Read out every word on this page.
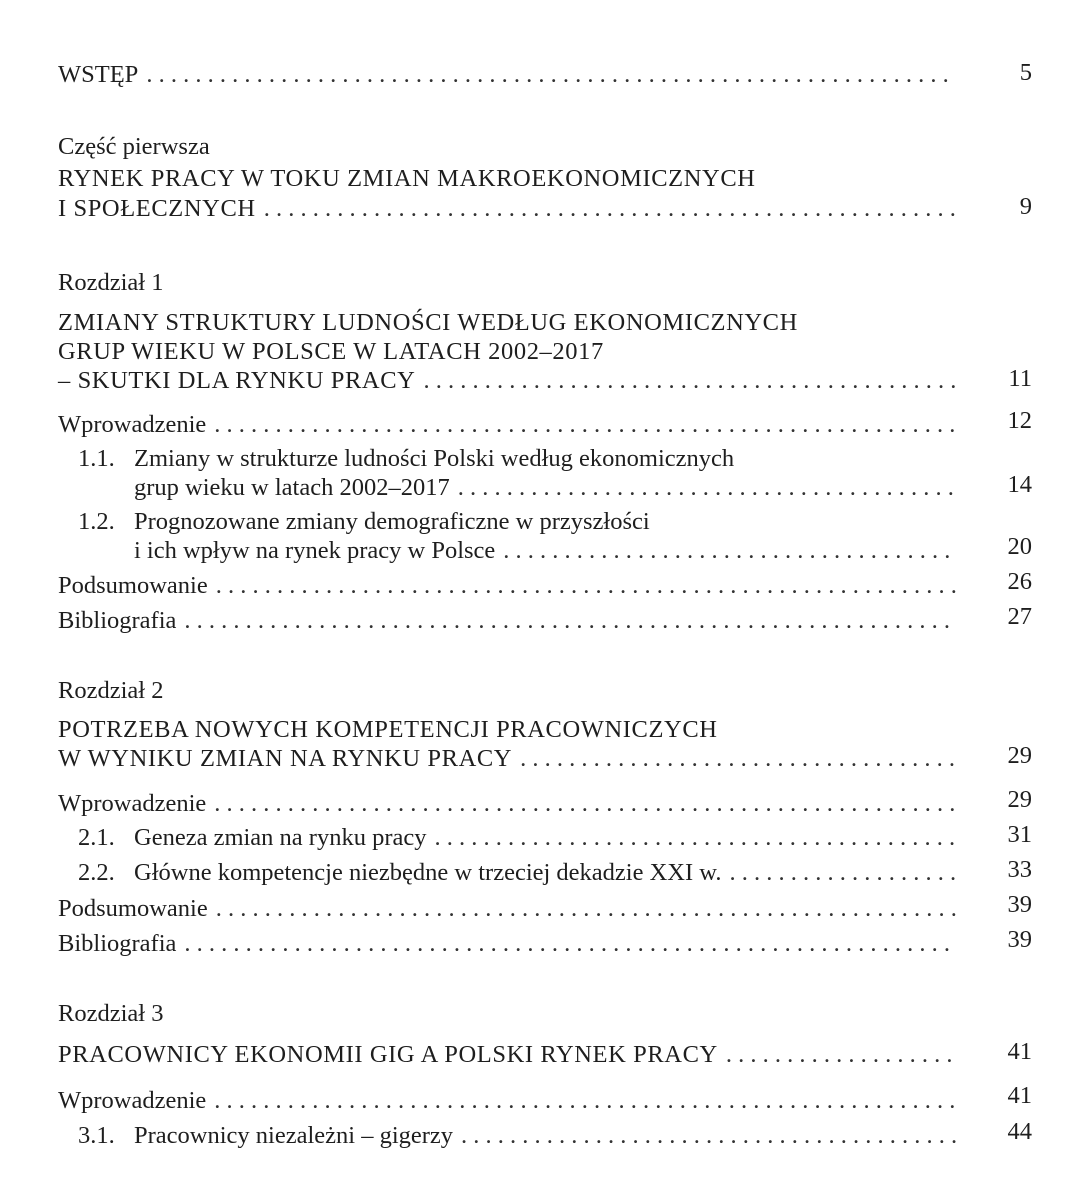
WSTĘP . . .	5
Część pierwsza
RYNEK PRACY W TOKU ZMIAN MAKROEKONOMICZNYCH
I SPOŁECZNYCH . . .	9
Rozdział 1
ZMIANY STRUKTURY LUDNOŚCI WEDŁUG EKONOMICZNYCH
GRUP WIEKU W POLSCE W LATACH 2002–2017
– SKUTKI DLA RYNKU PRACY . . .	11
Wprowadzenie . . .	12
1.1. Zmiany w strukturze ludności Polski według ekonomicznych
grup wieku w latach 2002–2017 . . .	14
1.2. Prognozowane zmiany demograficzne w przyszłości
i ich wpływ na rynek pracy w Polsce . . .	20
Podsumowanie . . .	26
Bibliografia . . .	27
Rozdział 2
POTRZEBA NOWYCH KOMPETENCJI PRACOWNICZYCH
W WYNIKU ZMIAN NA RYNKU PRACY . . .	29
Wprowadzenie . . .	29
2.1. Geneza zmian na rynku pracy . . .	31
2.2. Główne kompetencje niezbędne w trzeciej dekadzie XXI w. . . .	33
Podsumowanie . . .	39
Bibliografia . . .	39
Rozdział 3
PRACOWNICY EKONOMII GIG A POLSKI RYNEK PRACY . . .	41
Wprowadzenie . . .	41
3.1. Pracownicy niezależni – gigerzy . . .	44
